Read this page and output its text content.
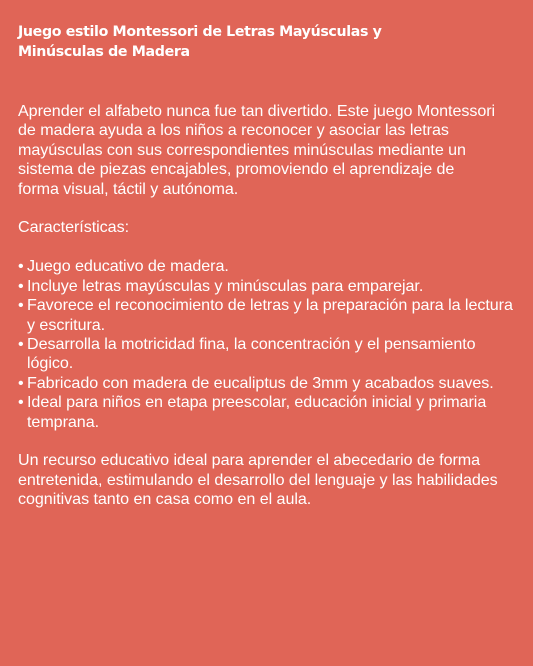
Juego estilo Montessori de Letras Mayúsculas y Minúsculas de Madera

Aprender el alfabeto nunca fue tan divertido. Este juego Montessori de madera ayuda a los niños a reconocer y asociar las letras mayúsculas con sus correspondientes minúsculas mediante un sistema de piezas encajables, promoviendo el aprendizaje de forma visual, táctil y autónoma.

Características:

• Juego educativo de madera.
• Incluye letras mayúsculas y minúsculas para emparejar.
• Favorece el reconocimiento de letras y la preparación para la lectura y escritura.
• Desarrolla la motricidad fina, la concentración y el pensamiento lógico.
• Fabricado con madera de eucaliptus de 3mm y acabados suaves.
• Ideal para niños en etapa preescolar, educación inicial y primaria temprana.

Un recurso educativo ideal para aprender el abecedario de forma entretenida, estimulando el desarrollo del lenguaje y las habilidades cognitivas tanto en casa como en el aula.
